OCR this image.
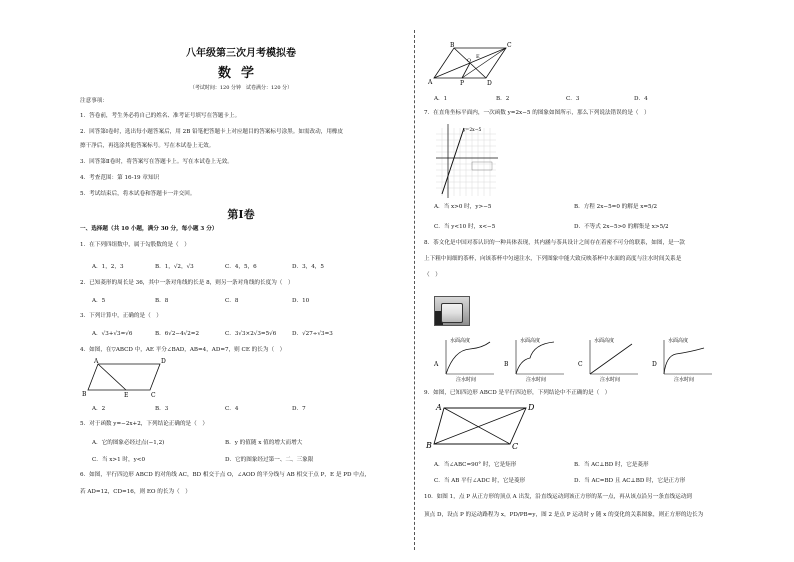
八年级第三次月考模拟卷
数学
（考试时间：120 分钟　试卷满分：120 分）
注意事项：
1．答卷前，考生务必将自己的姓名、准考证号填写在答题卡上。
2．回答第Ⅰ卷时，选出每小题答案后，用 2B 铅笔把答题卡上对应题目的答案标号涂黑。如需改动，用橡皮
擦干净后，再选涂其他答案标号。写在本试卷上无效。
3．回答第Ⅱ卷时，将答案写在答题卡上。写在本试卷上无效。
4．考查范围：第 16-19 章知识
5．考试结束后，将本试卷和答题卡一并交回。
第Ⅰ卷
一、选择题（共 10 小题，满分 30 分，每小题 3 分）
1．在下列四组数中，属于勾股数的是（　）
A．1，2，3	B．1，√2，√3	C．4，5，6	D．3，4，5
2．已知菱形的周长是 36，其中一条对角线的长是 8，则另一条对角线的长度为（　）
A．5	B．8	C．8	D．10
3．下列计算中，正确的是（　）
A．√3+√3=√6	B．6√2−4√2=2	C．3√3×2√3=5√6	D．√27÷√3=3
4．如图，在▽ABCD 中，AE 平分∠BAD，AB=4，AD=7，则 CE 的长为（　）
A	D
B	E	C
A．2	B．3	C．4	D．7
5．对于函数 y=−2x+2，下列结论正确的是（　）
A．它的图象必经过点(−1,2)	B．y 的值随 x 值的增大而增大
C．当 x>1 时，y<0	D．它的图象经过第一、二、三象限
6．如图，平行四边形 ABCD 的对角线 AC，BD 相交于点 O，∠AOD 的平分线与 AB 相交于点 P，E 是 PD 中点，
若 AD=12，CD=16，则 EO 的长为（　）
B	C
E
O
A	P	D
A．1	B．2	C．3	D．4
7．在直角坐标平面内，一次函数 y=2x−5 的图象如图所示，那么下列说法错误的是（　）
y=2x−5
A．当 x>0 时，y>−5	B．方程 2x−5=0 的解是 x=5/2
C．当 y<10 时，x<−5	D．不等式 2x−5>0 的解集是 x>5/2
8．茶文化是中国对茶认识的一种具体表现，其内涵与茶具设计之间存在着密不可分的联系，如图，是一款
上下粗中间细的茶杯，向该茶杯中匀速注水，下列图象中能大致反映茶杯中水面的高度与注水时间关系是
（　）
A
水面高度
注水时间
B
水面高度
注水时间
C
水面高度
注水时间
D
水面高度
注水时间
9．如图，已知四边形 ABCD 是平行四边形，下列结论中不正确的是（　）
A	D
B	C
A．当∠ABC=90° 时，它是矩形	B．当 AC⊥BD 时，它是菱形
C．当 AB 平行∠ADC 时，它是菱形	D．当 AC=BD 且 AC⊥BD 时，它是正方形
10．如图 1，点 P 从正方形的顶点 A 出发，沿直线运动到该正方形的某一点，再从该点沿另一条直线运动到
顶点 D，设点 P 的运动路程为 x，PD/PB=y，图 2 是点 P 运动时 y 随 x 的变化的关系图象，则正方形的边长为
